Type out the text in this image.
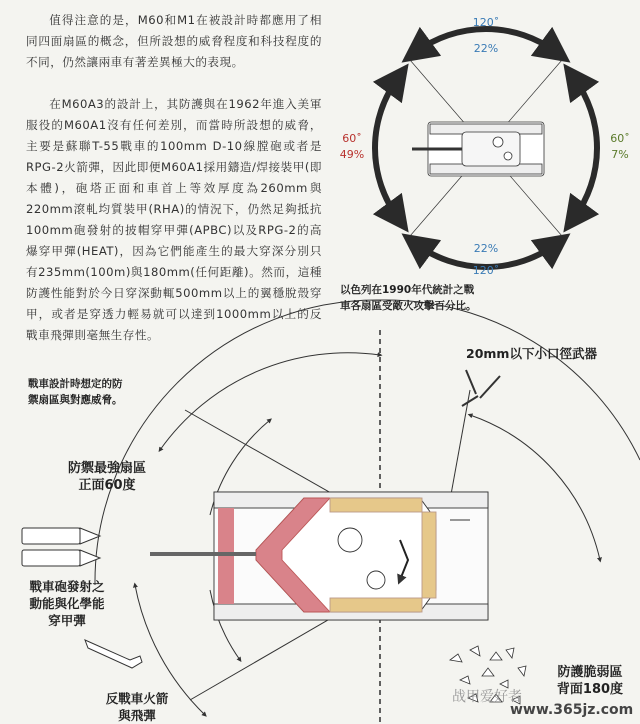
值得注意的是，M60和M1在被設計時都應用了相同四面扇區的概念，但所設想的威脅程度和科技程度的不同，仍然讓兩車有著差異極大的表現。

在M60A3的設計上，其防護與在1962年進入美軍服役的M60A1沒有任何差別，而當時所設想的威脅，主要是蘇聯T-55戰車的100mm D-10線膛砲或者是RPG-2火箭彈，因此即便M60A1採用鑄造/焊接裝甲(即本體)，砲塔正面和車首上等效厚度為260mm與220mm滾軋均質裝甲(RHA)的情況下，仍然足夠抵抗100mm砲發射的披帽穿甲彈(APBC)以及RPG-2的高爆穿甲彈(HEAT)，因為它們能產生的最大穿深分別只有235mm(100m)與180mm(任何距離)。然而，這種防護性能對於今日穿深動輒500mm以上的翼穩脫殼穿甲，或者是穿透力輕易就可以達到1000mm以上的反戰車飛彈則毫無生存性。

120˚
22%
60˚
49%
60˚
7%
22%
120˚
以色列在1990年代統計之戰車各扇區受敵火攻擊百分比。
戰車設計時想定的防禦扇區與對應威脅。
20mm以下小口徑武器
防禦最強扇區
正面60度
戰車砲發射之
動能與化學能
穿甲彈
反戰車火箭
與飛彈
防護脆弱區
背面180度
战甲爱好者
www.365jz.com
